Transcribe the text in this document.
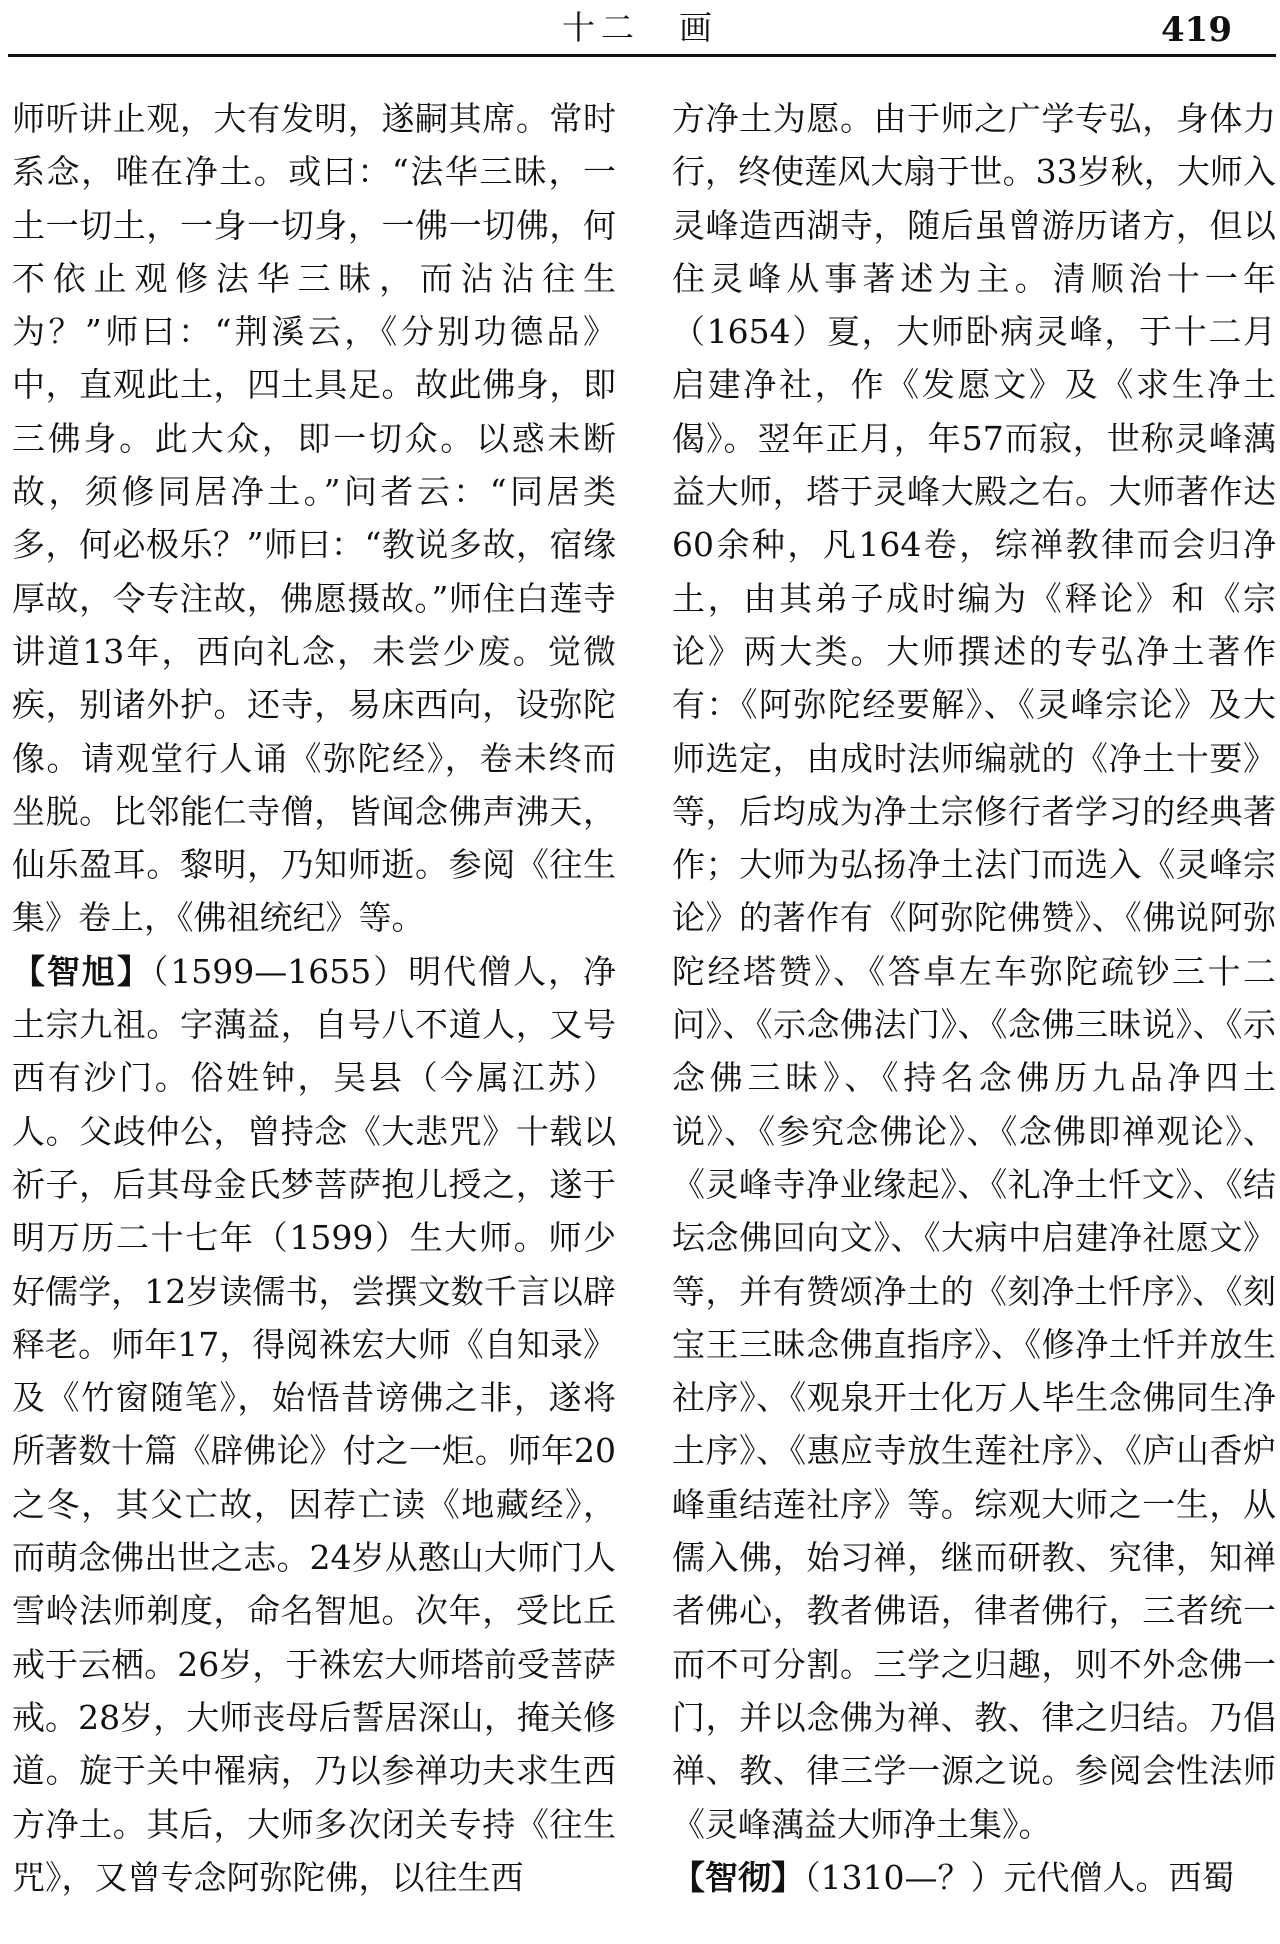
十二　画	419

师听讲止观，大有发明，遂嗣其席。常时系念，唯在净土。或曰：“法华三昧，一土一切土，一身一切身，一佛一切佛，何不依止观修法华三昧，而沾沾往生为？”师曰：“荆溪云，《分别功德品》中，直观此土，四土具足。故此佛身，即三佛身。此大众，即一切众。以惑未断故，须修同居净土。”问者云：“同居类多，何必极乐？”师曰：“教说多故，宿缘厚故，令专注故，佛愿摄故。”师住白莲寺讲道13年，西向礼念，未尝少废。觉微疾，别诸外护。还寺，易床西向，设弥陀像。请观堂行人诵《弥陀经》，卷未终而坐脱。比邻能仁寺僧，皆闻念佛声沸天，仙乐盈耳。黎明，乃知师逝。参阅《往生集》卷上，《佛祖统纪》等。

【智旭】（1599—1655）明代僧人，净土宗九祖。字蕅益，自号八不道人，又号西有沙门。俗姓钟，吴县（今属江苏）人。父歧仲公，曾持念《大悲咒》十载以祈子，后其母金氏梦菩萨抱儿授之，遂于明万历二十七年（1599）生大师。师少好儒学，12岁读儒书，尝撰文数千言以辟释老。师年17，得阅袾宏大师《自知录》及《竹窗随笔》，始悟昔谤佛之非，遂将所著数十篇《辟佛论》付之一炬。师年20之冬，其父亡故，因荐亡读《地藏经》，而萌念佛出世之志。24岁从憨山大师门人雪岭法师剃度，命名智旭。次年，受比丘戒于云栖。26岁，于袾宏大师塔前受菩萨戒。28岁，大师丧母后誓居深山，掩关修道。旋于关中罹病，乃以参禅功夫求生西方净土。其后，大师多次闭关专持《往生咒》，又曾专念阿弥陀佛，以往生西

方净土为愿。由于师之广学专弘，身体力行，终使莲风大扇于世。33岁秋，大师入灵峰造西湖寺，随后虽曾游历诸方，但以住灵峰从事著述为主。清顺治十一年（1654）夏，大师卧病灵峰，于十二月启建净社，作《发愿文》及《求生净土偈》。翌年正月，年57而寂，世称灵峰蕅益大师，塔于灵峰大殿之右。大师著作达60余种，凡164卷，综禅教律而会归净土，由其弟子成时编为《释论》和《宗论》两大类。大师撰述的专弘净土著作有：《阿弥陀经要解》、《灵峰宗论》及大师选定，由成时法师编就的《净土十要》等，后均成为净土宗修行者学习的经典著作；大师为弘扬净土法门而选入《灵峰宗论》的著作有《阿弥陀佛赞》、《佛说阿弥陀经塔赞》、《答卓左车弥陀疏钞三十二问》、《示念佛法门》、《念佛三昧说》、《示念佛三昧》、《持名念佛历九品净四土说》、《参究念佛论》、《念佛即禅观论》、《灵峰寺净业缘起》、《礼净土忏文》、《结坛念佛回向文》、《大病中启建净社愿文》等，并有赞颂净土的《刻净土忏序》、《刻宝王三昧念佛直指序》、《修净土忏并放生社序》、《观泉开士化万人毕生念佛同生净土序》、《惠应寺放生莲社序》、《庐山香炉峰重结莲社序》等。综观大师之一生，从儒入佛，始习禅，继而研教、究律，知禅者佛心，教者佛语，律者佛行，三者统一而不可分割。三学之归趣，则不外念佛一门，并以念佛为禅、教、律之归结。乃倡禅、教、律三学一源之说。参阅会性法师《灵峰蕅益大师净土集》。

【智彻】（1310—？）元代僧人。西蜀
